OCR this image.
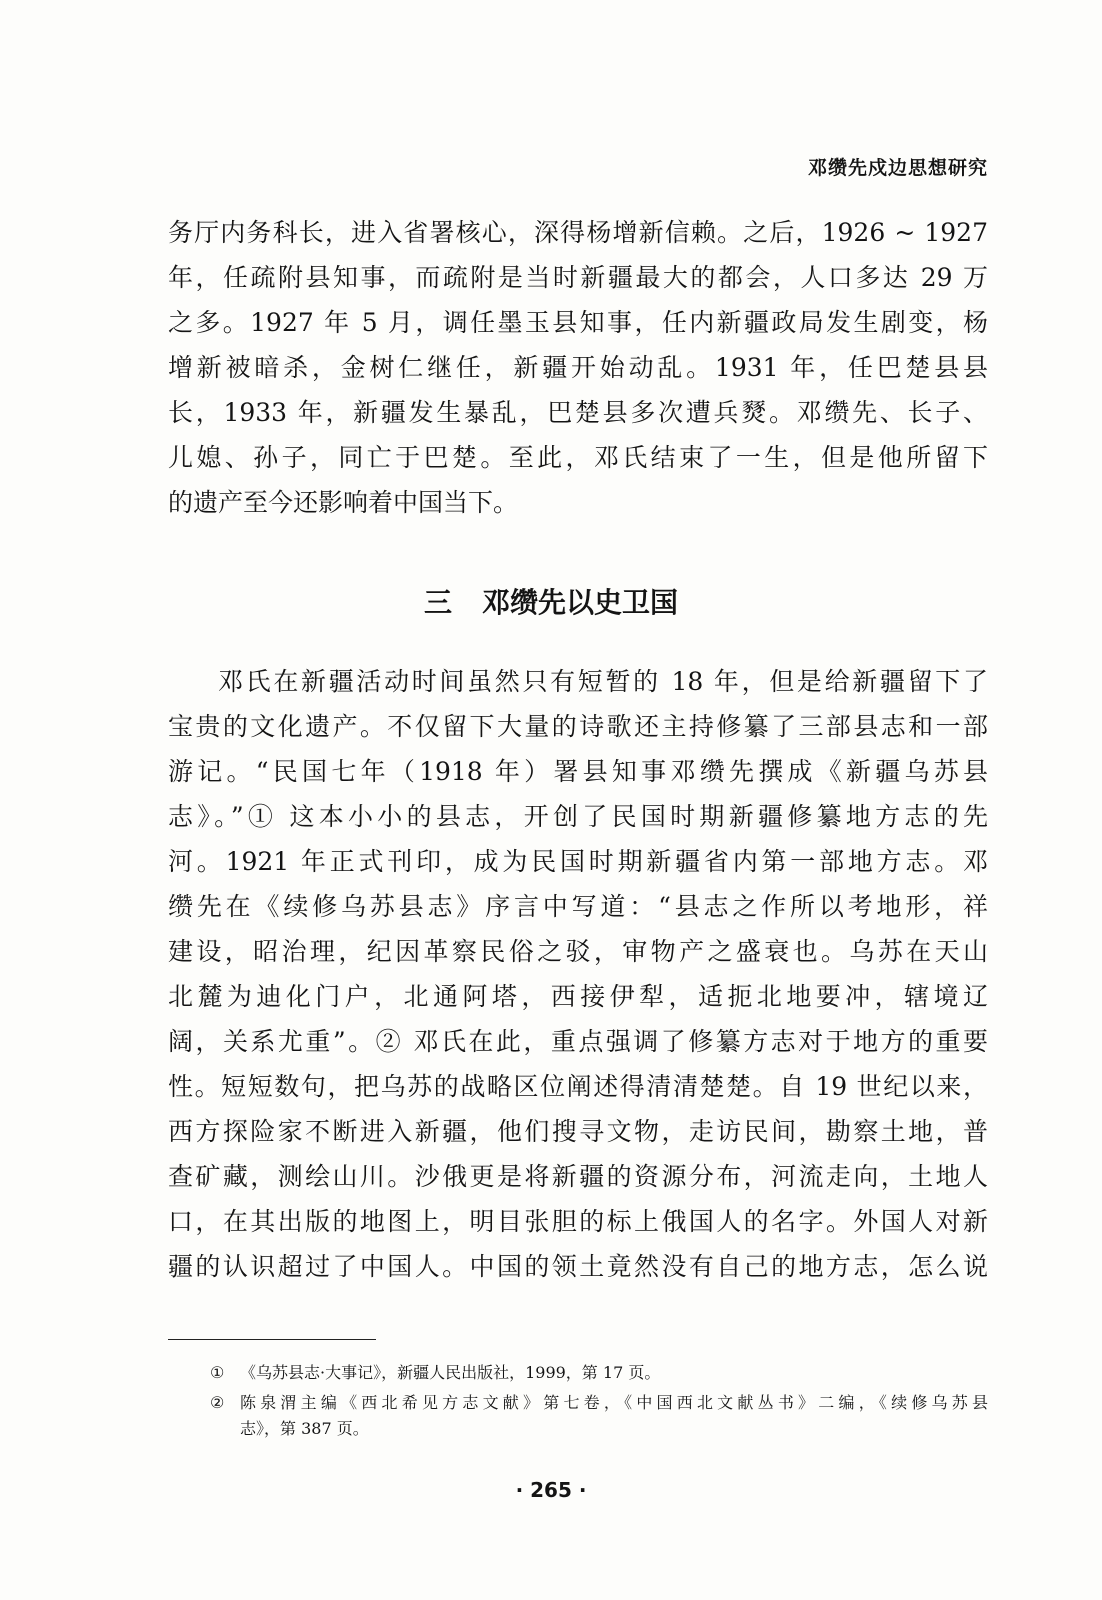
邓缵先戍边思想研究
务厅内务科长，进入省署核心，深得杨增新信赖。之后，1926 ~ 1927
年，任疏附县知事，而疏附是当时新疆最大的都会，人口多达 29 万
之多。1927 年 5 月，调任墨玉县知事，任内新疆政局发生剧变，杨
增新被暗杀，金树仁继任，新疆开始动乱。1931 年，任巴楚县县
长，1933 年，新疆发生暴乱，巴楚县多次遭兵燹。邓缵先、长子、
儿媳、孙子，同亡于巴楚。至此，邓氏结束了一生，但是他所留下
的遗产至今还影响着中国当下。
三 邓缵先以史卫国
邓氏在新疆活动时间虽然只有短暂的 18 年，但是给新疆留下了
宝贵的文化遗产。不仅留下大量的诗歌还主持修纂了三部县志和一部
游记。“民国七年（1918 年）署县知事邓缵先撰成《新疆乌苏县
志》。”① 这本小小的县志，开创了民国时期新疆修纂地方志的先
河。1921 年正式刊印，成为民国时期新疆省内第一部地方志。邓
缵先在《续修乌苏县志》序言中写道：“县志之作所以考地形，祥
建设，昭治理，纪因革察民俗之驳，审物产之盛衰也。乌苏在天山
北麓为迪化门户，北通阿塔，西接伊犁，适扼北地要冲，辖境辽
阔，关系尤重”。② 邓氏在此，重点强调了修纂方志对于地方的重要
性。短短数句，把乌苏的战略区位阐述得清清楚楚。自 19 世纪以来，
西方探险家不断进入新疆，他们搜寻文物，走访民间，勘察土地，普
查矿藏，测绘山川。沙俄更是将新疆的资源分布，河流走向，土地人
口，在其出版的地图上，明目张胆的标上俄国人的名字。外国人对新
疆的认识超过了中国人。中国的领土竟然没有自己的地方志，怎么说
① 《乌苏县志·大事记》，新疆人民出版社，1999，第 17 页。
② 陈泉渭主编《西北希见方志文献》第七卷，《中国西北文献丛书》二编，《续修乌苏县
志》，第 387 页。
· 265 ·
